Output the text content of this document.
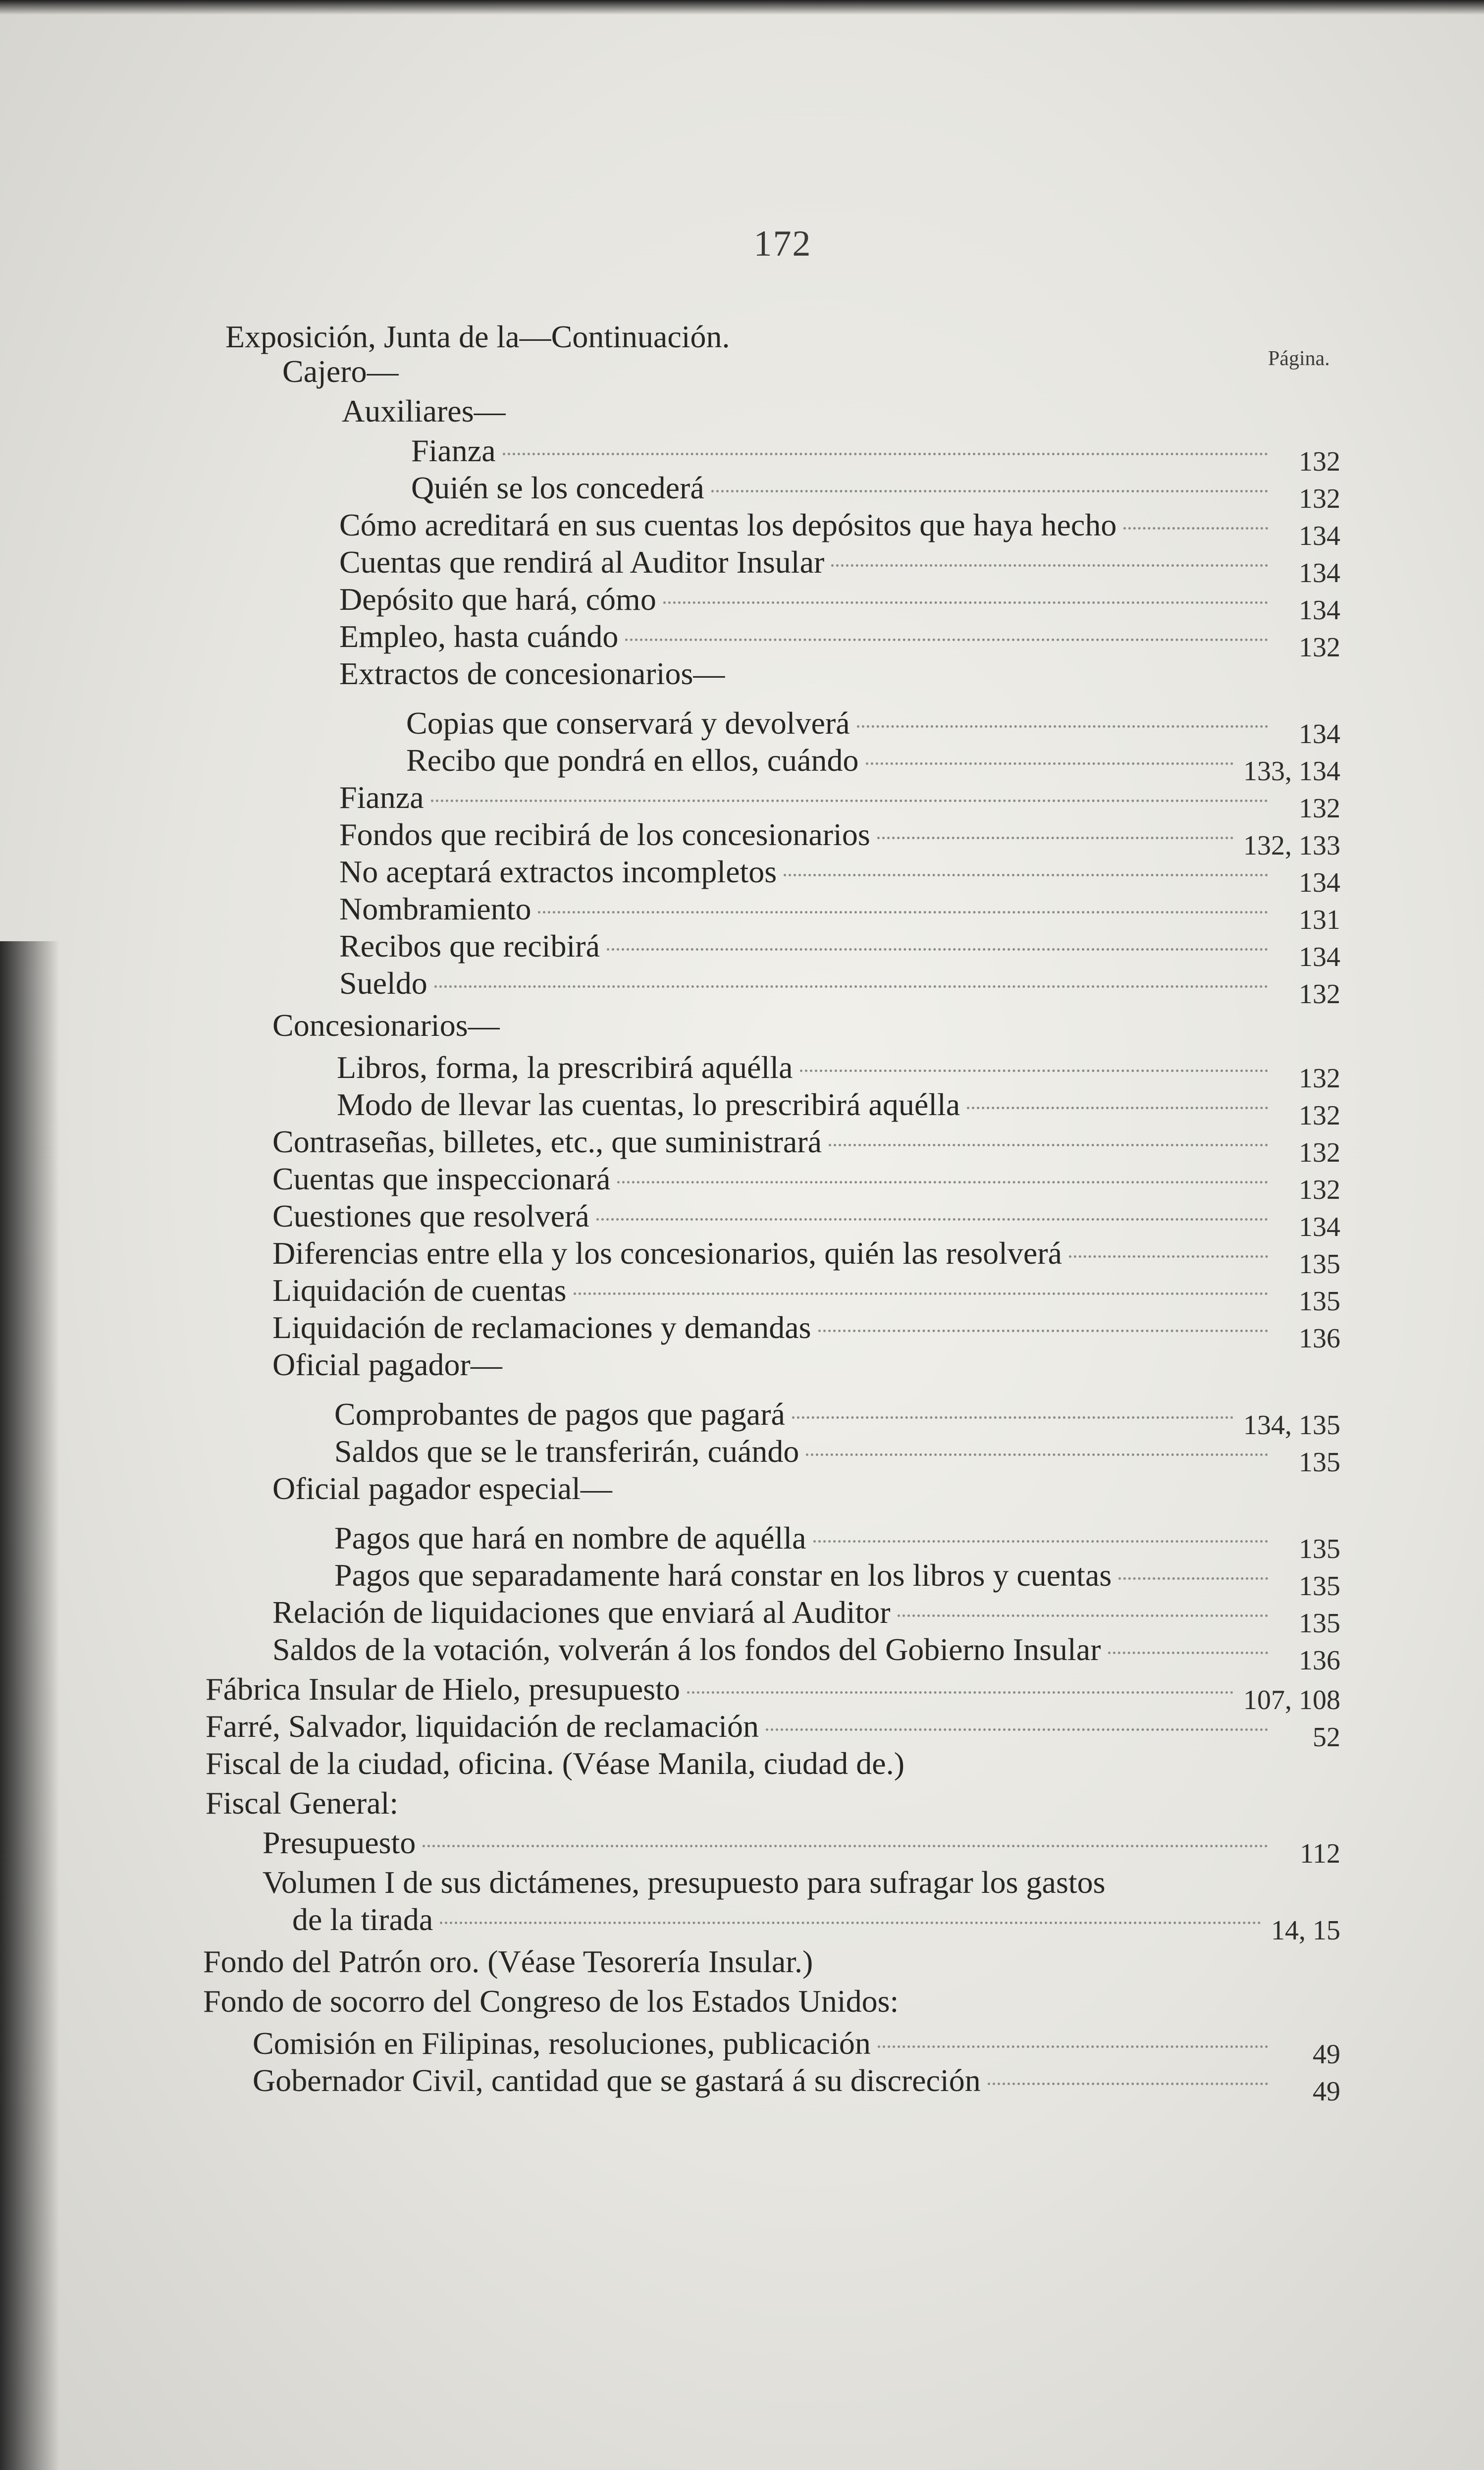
172
Página.
Exposición, Junta de la—Continuación.
Cajero—
Auxiliares—
Fianza	132
Quién se los concederá	132
Cómo acreditará en sus cuentas los depósitos que haya hecho	134
Cuentas que rendirá al Auditor Insular	134
Depósito que hará, cómo	134
Empleo, hasta cuándo	132
Extractos de concesionarios—
Copias que conservará y devolverá	134
Recibo que pondrá en ellos, cuándo	133, 134
Fianza	132
Fondos que recibirá de los concesionarios	132, 133
No aceptará extractos incompletos	134
Nombramiento	131
Recibos que recibirá	134
Sueldo	132
Concesionarios—
Libros, forma, la prescribirá aquélla	132
Modo de llevar las cuentas, lo prescribirá aquélla	132
Contraseñas, billetes, etc., que suministrará	132
Cuentas que inspeccionará	132
Cuestiones que resolverá	134
Diferencias entre ella y los concesionarios, quién las resolverá	135
Liquidación de cuentas	135
Liquidación de reclamaciones y demandas	136
Oficial pagador—
Comprobantes de pagos que pagará	134, 135
Saldos que se le transferirán, cuándo	135
Oficial pagador especial—
Pagos que hará en nombre de aquélla	135
Pagos que separadamente hará constar en los libros y cuentas	135
Relación de liquidaciones que enviará al Auditor	135
Saldos de la votación, volverán á los fondos del Gobierno Insular	136
Fábrica Insular de Hielo, presupuesto	107, 108
Farré, Salvador, liquidación de reclamación	52
Fiscal de la ciudad, oficina. (Véase Manila, ciudad de.)
Fiscal General:
Presupuesto	112
Volumen I de sus dictámenes, presupuesto para sufragar los gastos
de la tirada	14, 15
Fondo del Patrón oro. (Véase Tesorería Insular.)
Fondo de socorro del Congreso de los Estados Unidos:
Comisión en Filipinas, resoluciones, publicación	49
Gobernador Civil, cantidad que se gastará á su discreción	49
